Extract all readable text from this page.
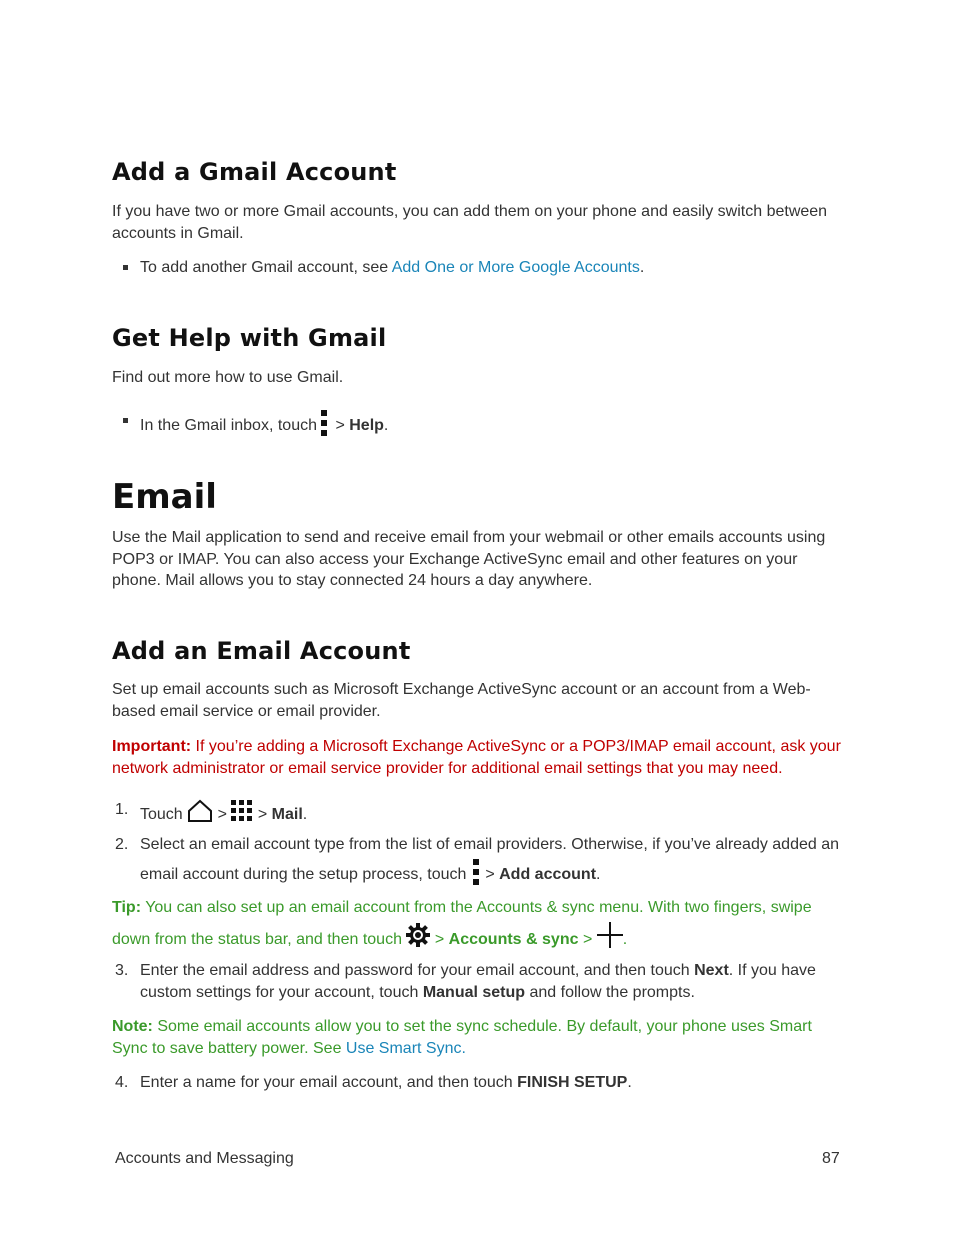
Add a Gmail Account

If you have two or more Gmail accounts, you can add them on your phone and easily switch between accounts in Gmail.

To add another Gmail account, see Add One or More Google Accounts.
Get Help with Gmail

Find out more how to use Gmail.

In the Gmail inbox, touch > Help.
Email

Use the Mail application to send and receive email from your webmail or other emails accounts using POP3 or IMAP. You can also access your Exchange ActiveSync email and other features on your phone. Mail allows you to stay connected 24 hours a day anywhere.

Add an Email Account

Set up email accounts such as Microsoft Exchange ActiveSync account or an account from a Web-based email service or email provider.

Important: If you’re adding a Microsoft Exchange ActiveSync or a POP3/IMAP email account, ask your network administrator or email service provider for additional email settings that you may need.

1. Touch > > Mail.
2. Select an email account type from the list of email providers. Otherwise, if you’ve already added an email account during the setup process, touch > Add account.

Tip: You can also set up an email account from the Accounts & sync menu. With two fingers, swipe down from the status bar, and then touch > Accounts & sync > .

3. Enter the email address and password for your email account, and then touch Next. If you have custom settings for your account, touch Manual setup and follow the prompts.

Note: Some email accounts allow you to set the sync schedule. By default, your phone uses Smart Sync to save battery power. See Use Smart Sync.

4. Enter a name for your email account, and then touch FINISH SETUP.
Accounts and Messaging	87
